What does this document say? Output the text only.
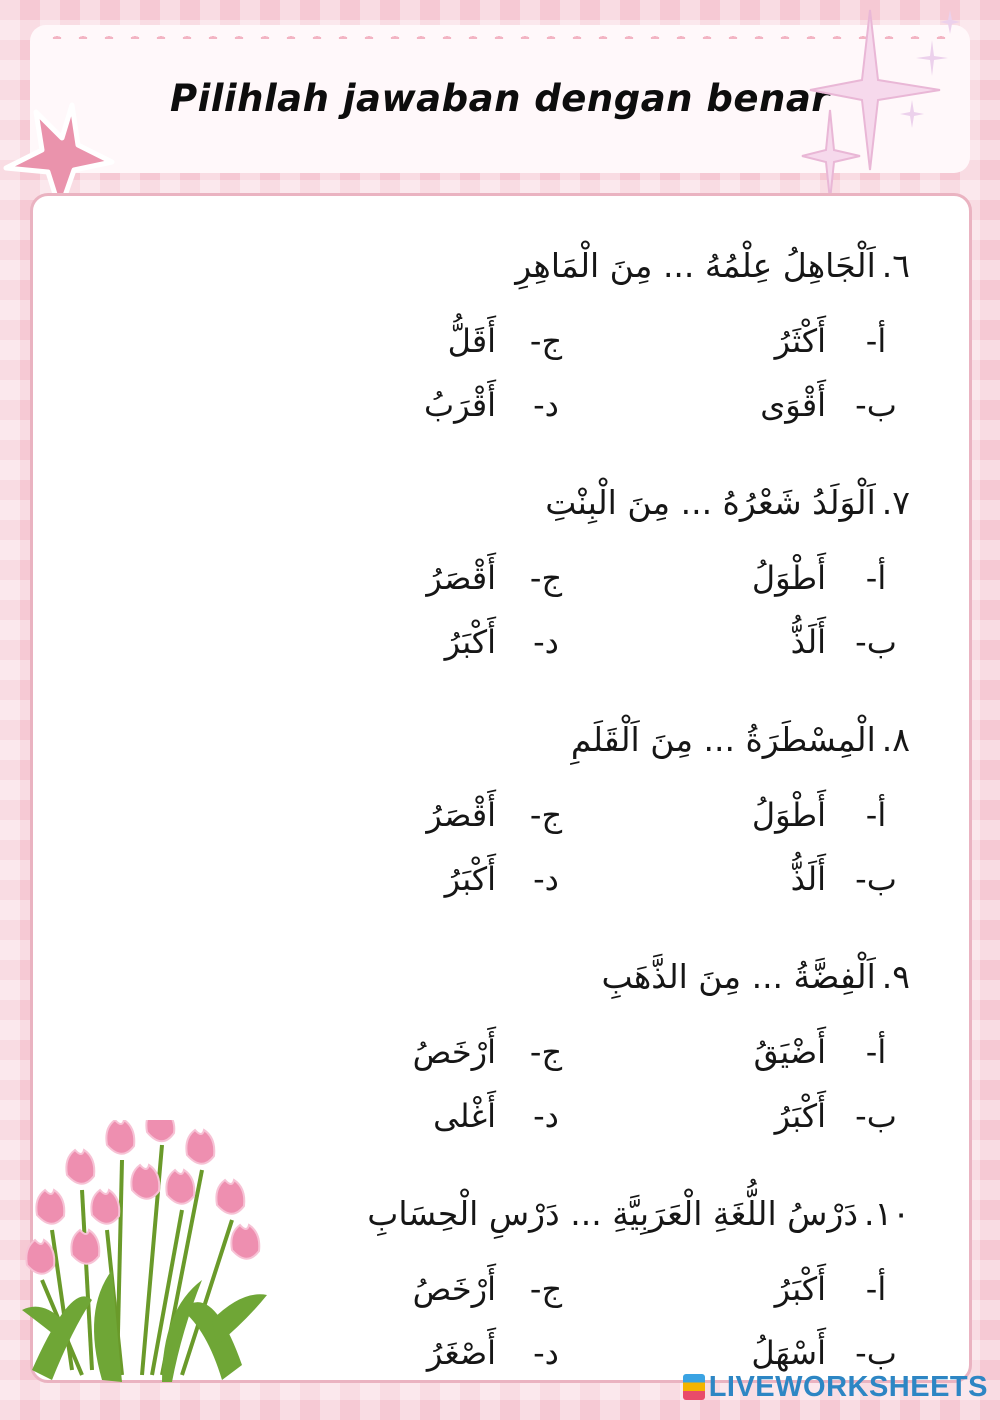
Pilihlah jawaban dengan benar
٦.اَلْجَاهِلُ عِلْمُهُ ... مِنَ الْمَاهِرِ
أ-أَكْثَرُ
ج-أَقَلُّ
ب-أَقْوَى
د-أَقْرَبُ
٧.اَلْوَلَدُ شَعْرُهُ ... مِنَ الْبِنْتِ
أ-أَطْوَلُ
ج-أَقْصَرُ
ب-أَلَذُّ
د-أَكْبَرُ
٨.الْمِسْطَرَةُ ... مِنَ اَلْقَلَمِ
أ-أَطْوَلُ
ج-أَقْصَرُ
ب-أَلَذُّ
د-أَكْبَرُ
٩.اَلْفِضَّةُ ... مِنَ الذَّهَبِ
أ-أَضْيَقُ
ج-أَرْخَصُ
ب-أَكْبَرُ
د-أَغْلى
١٠.دَرْسُ اللُّغَةِ الْعَرَبِيَّةِ ... دَرْسِ الْحِسَابِ
أ-أَكْبَرُ
ج-أَرْخَصُ
ب-أَسْهَلُ
د-أَصْغَرُ
LIVEWORKSHEETS
